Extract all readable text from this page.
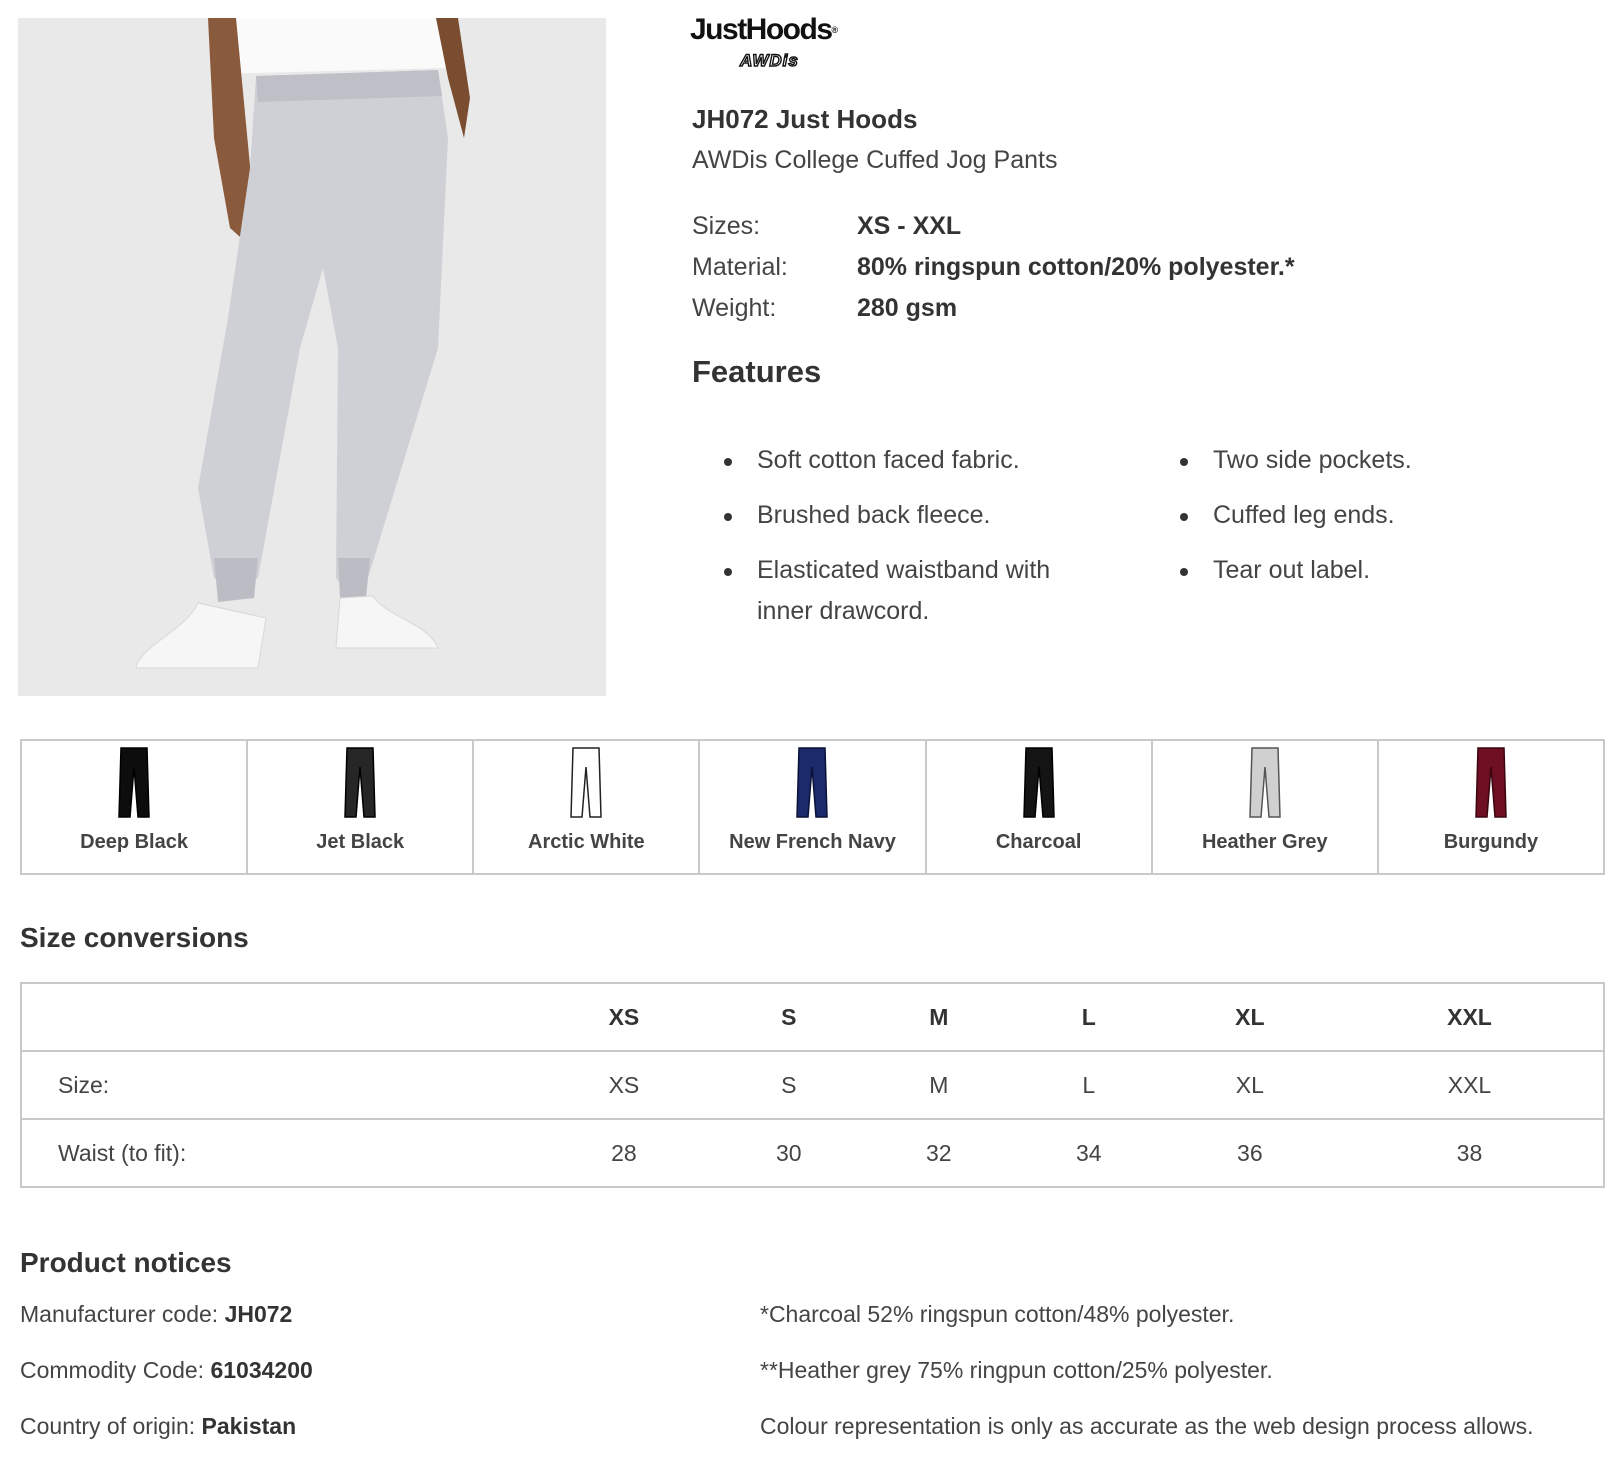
JustHoods®
AWDis
JH072 Just Hoods
AWDis College Cuffed Jog Pants
Sizes:	XS - XXL
Material:	80% ringspun cotton/20% polyester.*
Weight:	280 gsm
Features
Soft cotton faced fabric.
Brushed back fleece.
Elasticated waistband with inner drawcord.
Two side pockets.
Cuffed leg ends.
Tear out label.
Deep Black	Jet Black	Arctic White	New French Navy	Charcoal	Heather Grey	Burgundy
Size conversions
	XS	S	M	L	XL	XXL
Size:	XS	S	M	L	XL	XXL
Waist (to fit):	28	30	32	34	36	38
Product notices
Manufacturer code: JH072
Commodity Code: 61034200
Country of origin: Pakistan
*Charcoal 52% ringspun cotton/48% polyester.
**Heather grey 75% ringpun cotton/25% polyester.
Colour representation is only as accurate as the web design process allows.
